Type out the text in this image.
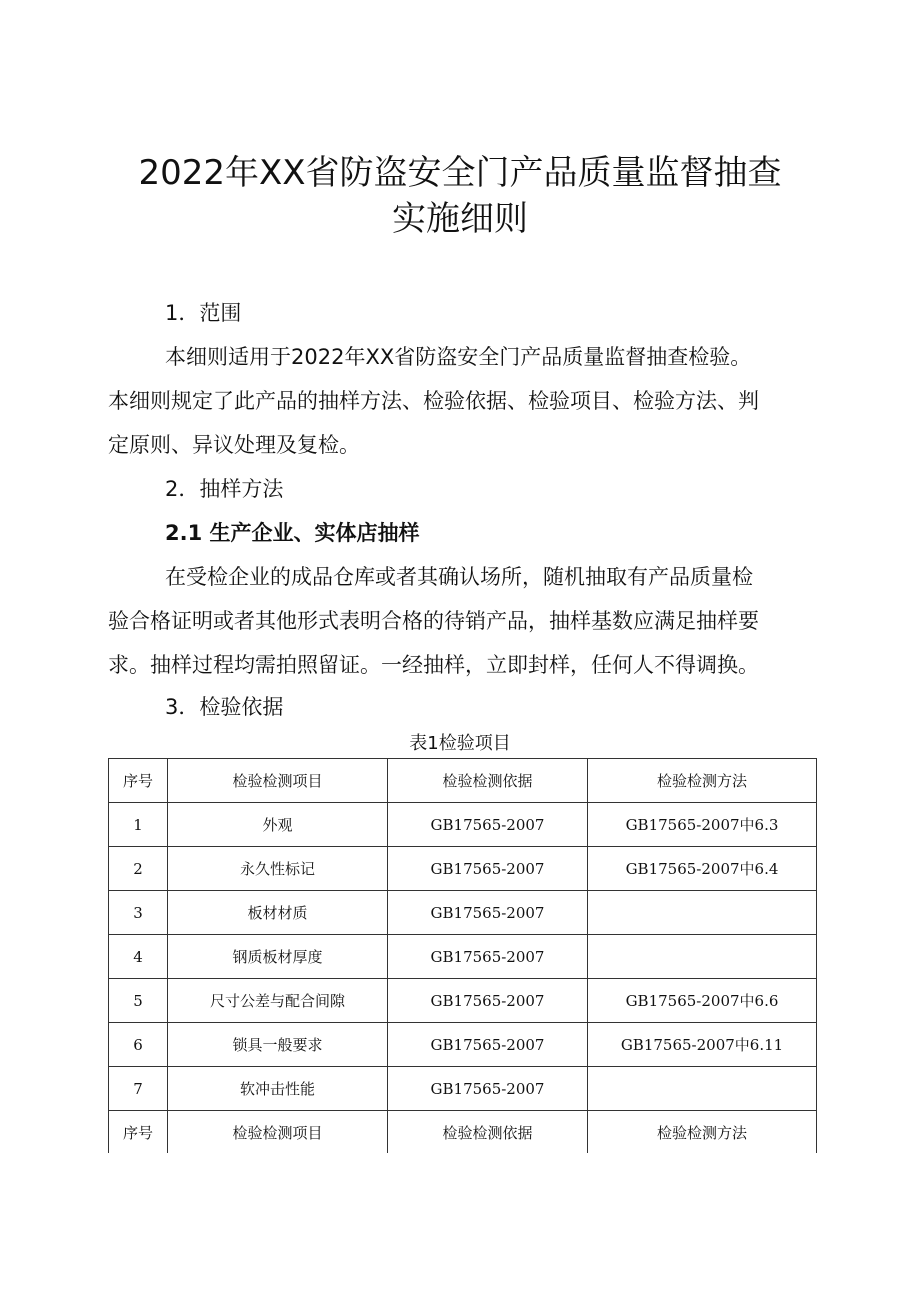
2022年XX省防盗安全门产品质量监督抽查
实施细则
1．范围
本细则适用于2022年XX省防盗安全门产品质量监督抽查检验。
本细则规定了此产品的抽样方法、检验依据、检验项目、检验方法、判
定原则、异议处理及复检。
2．抽样方法
2.1 生产企业、实体店抽样
在受检企业的成品仓库或者其确认场所，随机抽取有产品质量检
验合格证明或者其他形式表明合格的待销产品，抽样基数应满足抽样要
求。抽样过程均需拍照留证。一经抽样，立即封样，任何人不得调换。
3．检验依据
表1检验项目
序号	检验检测项目	检验检测依据	检验检测方法
1	外观	GB17565-2007	GB17565-2007中6.3
2	永久性标记	GB17565-2007	GB17565-2007中6.4
3	板材材质	GB17565-2007	
4	钢质板材厚度	GB17565-2007	
5	尺寸公差与配合间隙	GB17565-2007	GB17565-2007中6.6
6	锁具一般要求	GB17565-2007	GB17565-2007中6.11
7	软冲击性能	GB17565-2007	
序号	检验检测项目	检验检测依据	检验检测方法
